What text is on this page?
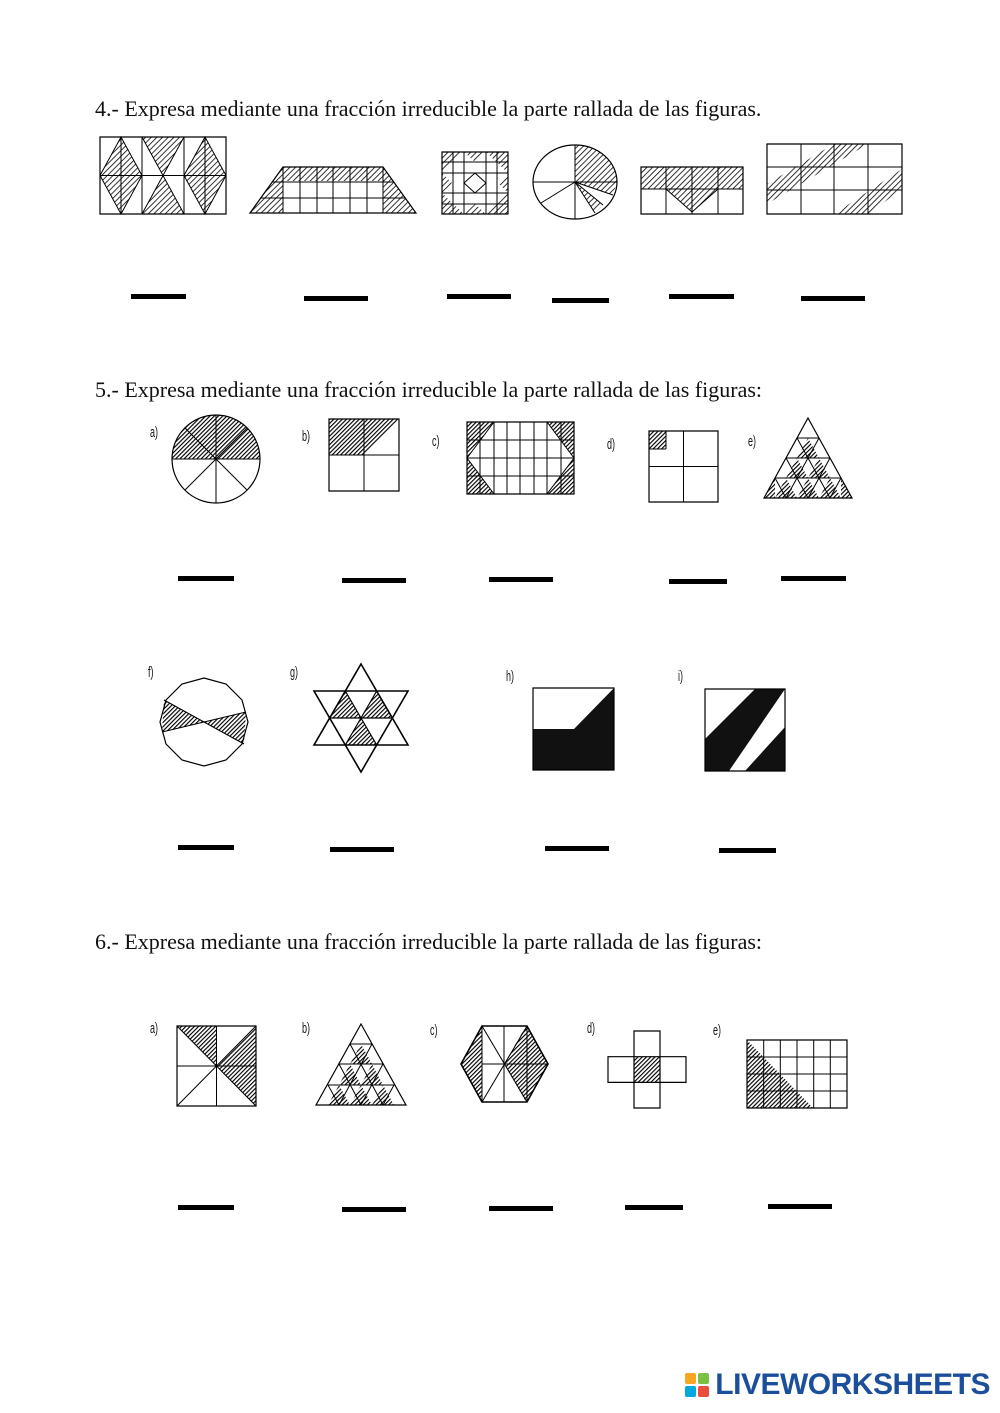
4.- Expresa mediante una fracción irreducible la parte rallada de las figuras.
5.- Expresa mediante una fracción irreducible la parte rallada de las figuras:
6.- Expresa mediante una fracción irreducible la parte rallada de las figuras:
a)	b)	c)	d)	e)
f)	g)	h)	i)
a)	b)	c)	d)	e)
LIVEWORKSHEETS
